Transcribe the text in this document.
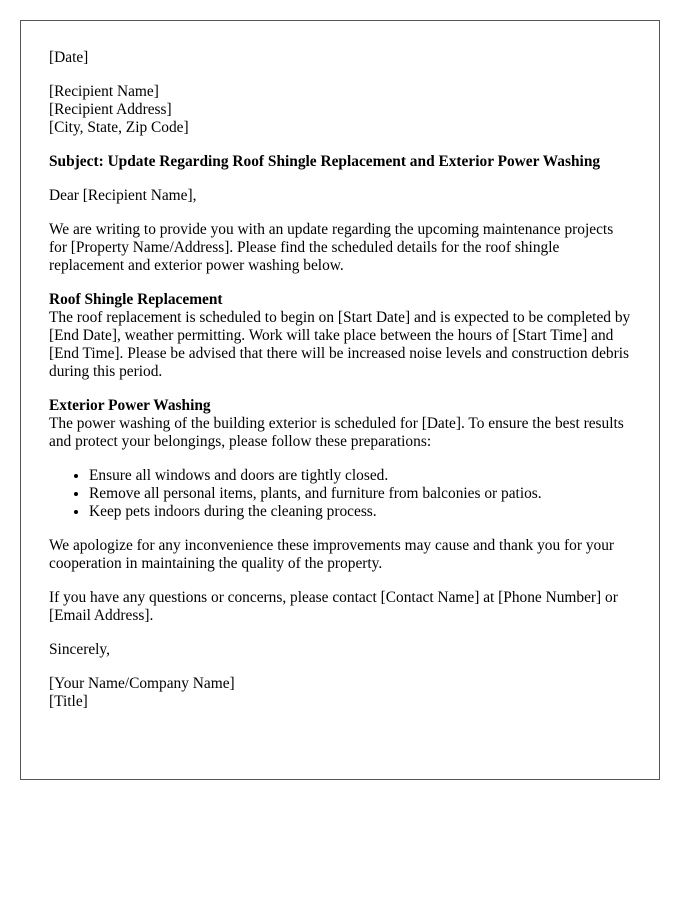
[Date]
[Recipient Name]
[Recipient Address]
[City, State, Zip Code]
Subject: Update Regarding Roof Shingle Replacement and Exterior Power Washing
Dear [Recipient Name],
We are writing to provide you with an update regarding the upcoming maintenance projects for [Property Name/Address]. Please find the scheduled details for the roof shingle replacement and exterior power washing below.
Roof Shingle Replacement
The roof replacement is scheduled to begin on [Start Date] and is expected to be completed by [End Date], weather permitting. Work will take place between the hours of [Start Time] and [End Time]. Please be advised that there will be increased noise levels and construction debris during this period.
Exterior Power Washing
The power washing of the building exterior is scheduled for [Date]. To ensure the best results and protect your belongings, please follow these preparations:
• Ensure all windows and doors are tightly closed.
• Remove all personal items, plants, and furniture from balconies or patios.
• Keep pets indoors during the cleaning process.
We apologize for any inconvenience these improvements may cause and thank you for your cooperation in maintaining the quality of the property.
If you have any questions or concerns, please contact [Contact Name] at [Phone Number] or [Email Address].
Sincerely,
[Your Name/Company Name]
[Title]
